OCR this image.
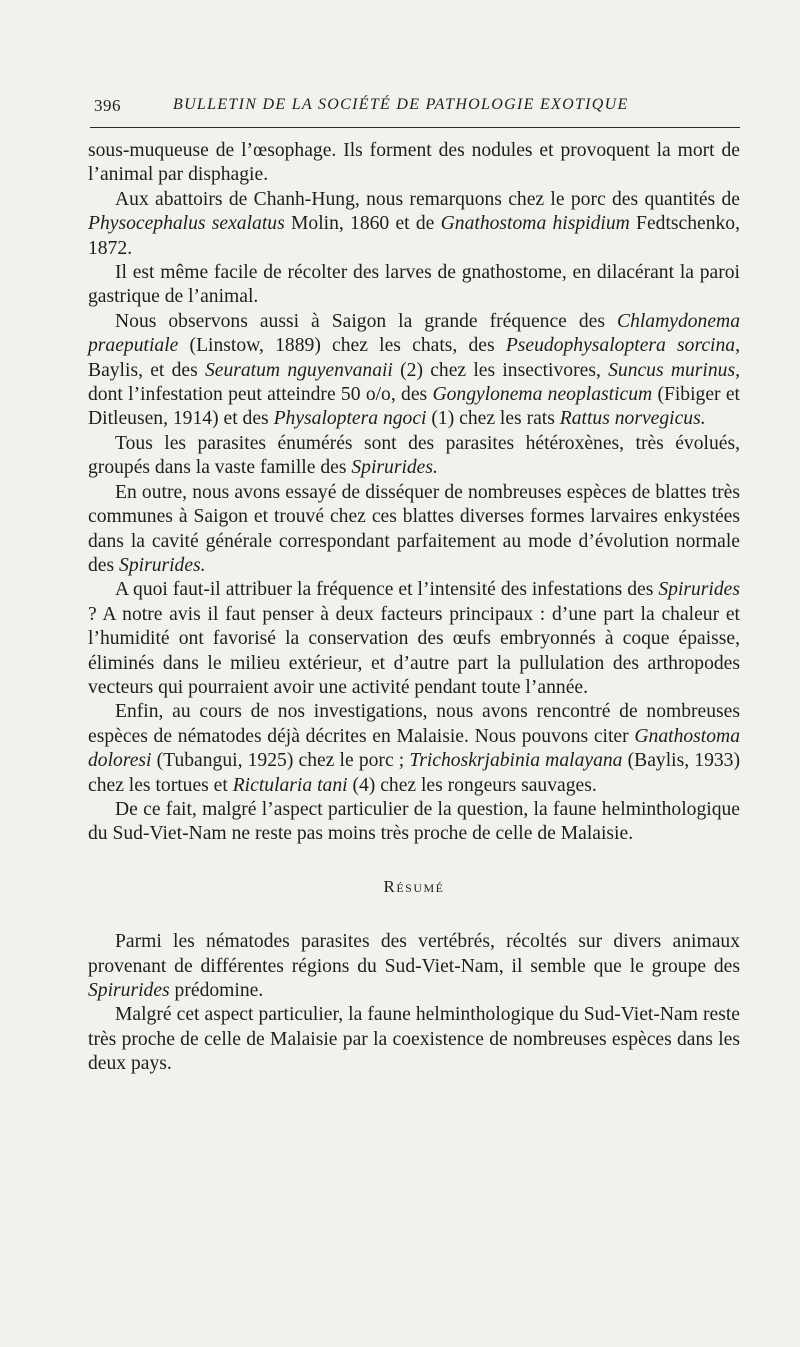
396	BULLETIN DE LA SOCIÉTÉ DE PATHOLOGIE EXOTIQUE

sous-muqueuse de l’œsophage. Ils forment des nodules et provoquent la mort de l’animal par disphagie.

Aux abattoirs de Chanh-Hung, nous remarquons chez le porc des quantités de Physocephalus sexalatus Molin, 1860 et de Gnathostoma hispidium Fedtschenko, 1872.

Il est même facile de récolter des larves de gnathostome, en dilacérant la paroi gastrique de l’animal.

Nous observons aussi à Saigon la grande fréquence des Chlamydonema praeputiale (Linstow, 1889) chez les chats, des Pseudophysaloptera sorcina, Baylis, et des Seuratum nguyenvanaii (2) chez les insectivores, Suncus murinus, dont l’infestation peut atteindre 50 o/o, des Gongylonema neoplasticum (Fibiger et Ditleusen, 1914) et des Physaloptera ngoci (1) chez les rats Rattus norvegicus.

Tous les parasites énumérés sont des parasites hétéroxènes, très évolués, groupés dans la vaste famille des Spirurides.

En outre, nous avons essayé de disséquer de nombreuses espèces de blattes très communes à Saigon et trouvé chez ces blattes diverses formes larvaires enkystées dans la cavité générale correspondant parfaitement au mode d’évolution normale des Spirurides.

A quoi faut-il attribuer la fréquence et l’intensité des infestations des Spirurides ? A notre avis il faut penser à deux facteurs principaux : d’une part la chaleur et l’humidité ont favorisé la conservation des œufs embryonnés à coque épaisse, éliminés dans le milieu extérieur, et d’autre part la pullulation des arthropodes vecteurs qui pourraient avoir une activité pendant toute l’année.

Enfin, au cours de nos investigations, nous avons rencontré de nombreuses espèces de nématodes déjà décrites en Malaisie. Nous pouvons citer Gnathostoma doloresi (Tubangui, 1925) chez le porc ; Trichoskrjabinia malayana (Baylis, 1933) chez les tortues et Rictularia tani (4) chez les rongeurs sauvages.

De ce fait, malgré l’aspect particulier de la question, la faune helminthologique du Sud-Viet-Nam ne reste pas moins très proche de celle de Malaisie.

Résumé

Parmi les nématodes parasites des vertébrés, récoltés sur divers animaux provenant de différentes régions du Sud-Viet-Nam, il semble que le groupe des Spirurides prédomine.

Malgré cet aspect particulier, la faune helminthologique du Sud-Viet-Nam reste très proche de celle de Malaisie par la coexistence de nombreuses espèces dans les deux pays.
